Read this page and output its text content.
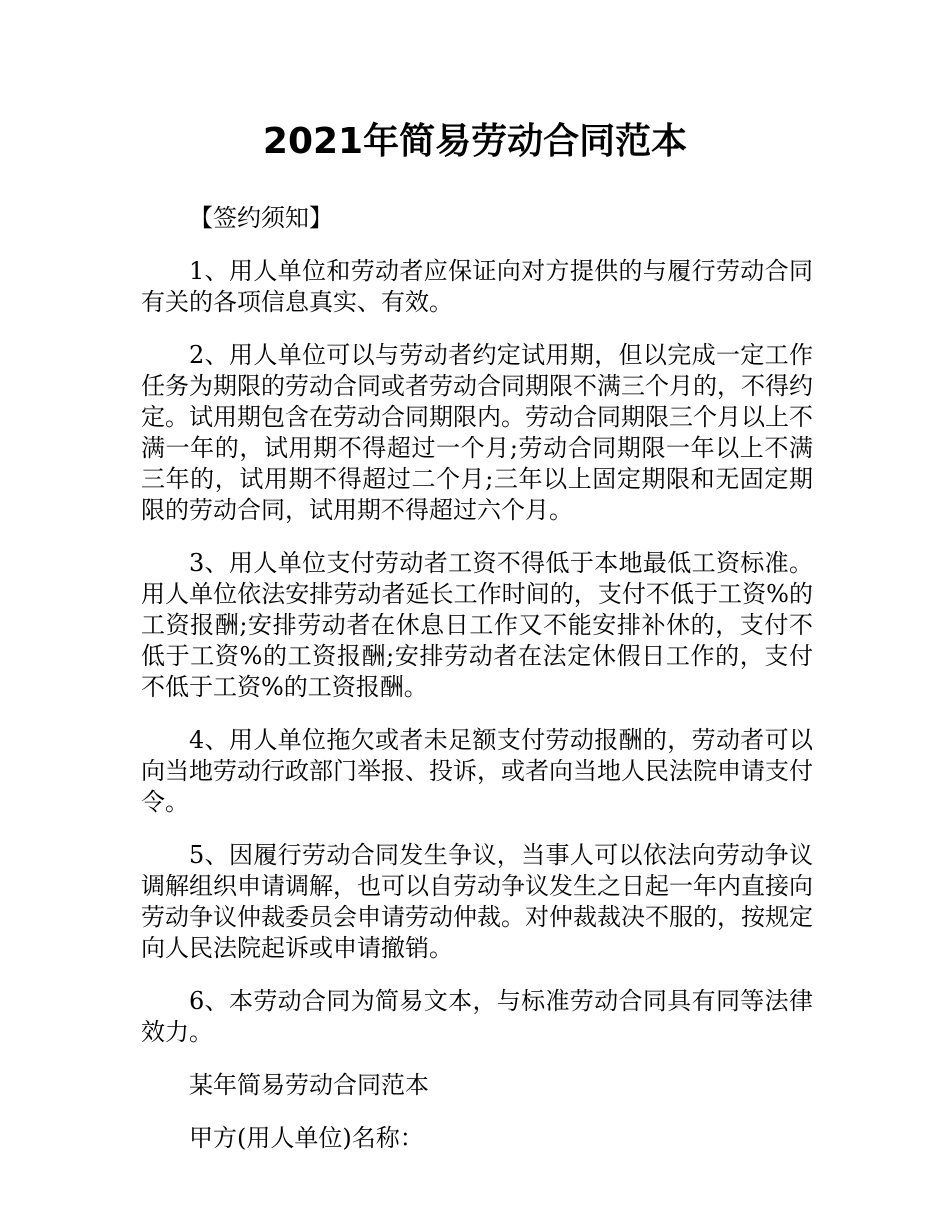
2021年简易劳动合同范本

【签约须知】

1、用人单位和劳动者应保证向对方提供的与履行劳动合同有关的各项信息真实、有效。

2、用人单位可以与劳动者约定试用期，但以完成一定工作任务为期限的劳动合同或者劳动合同期限不满三个月的，不得约定。试用期包含在劳动合同期限内。劳动合同期限三个月以上不满一年的，试用期不得超过一个月;劳动合同期限一年以上不满三年的，试用期不得超过二个月;三年以上固定期限和无固定期限的劳动合同，试用期不得超过六个月。

3、用人单位支付劳动者工资不得低于本地最低工资标准。用人单位依法安排劳动者延长工作时间的，支付不低于工资%的工资报酬;安排劳动者在休息日工作又不能安排补休的，支付不低于工资%的工资报酬;安排劳动者在法定休假日工作的，支付不低于工资%的工资报酬。

4、用人单位拖欠或者未足额支付劳动报酬的，劳动者可以向当地劳动行政部门举报、投诉，或者向当地人民法院申请支付令。

5、因履行劳动合同发生争议，当事人可以依法向劳动争议调解组织申请调解，也可以自劳动争议发生之日起一年内直接向劳动争议仲裁委员会申请劳动仲裁。对仲裁裁决不服的，按规定向人民法院起诉或申请撤销。

6、本劳动合同为简易文本，与标准劳动合同具有同等法律效力。

某年简易劳动合同范本

甲方(用人单位)名称：
